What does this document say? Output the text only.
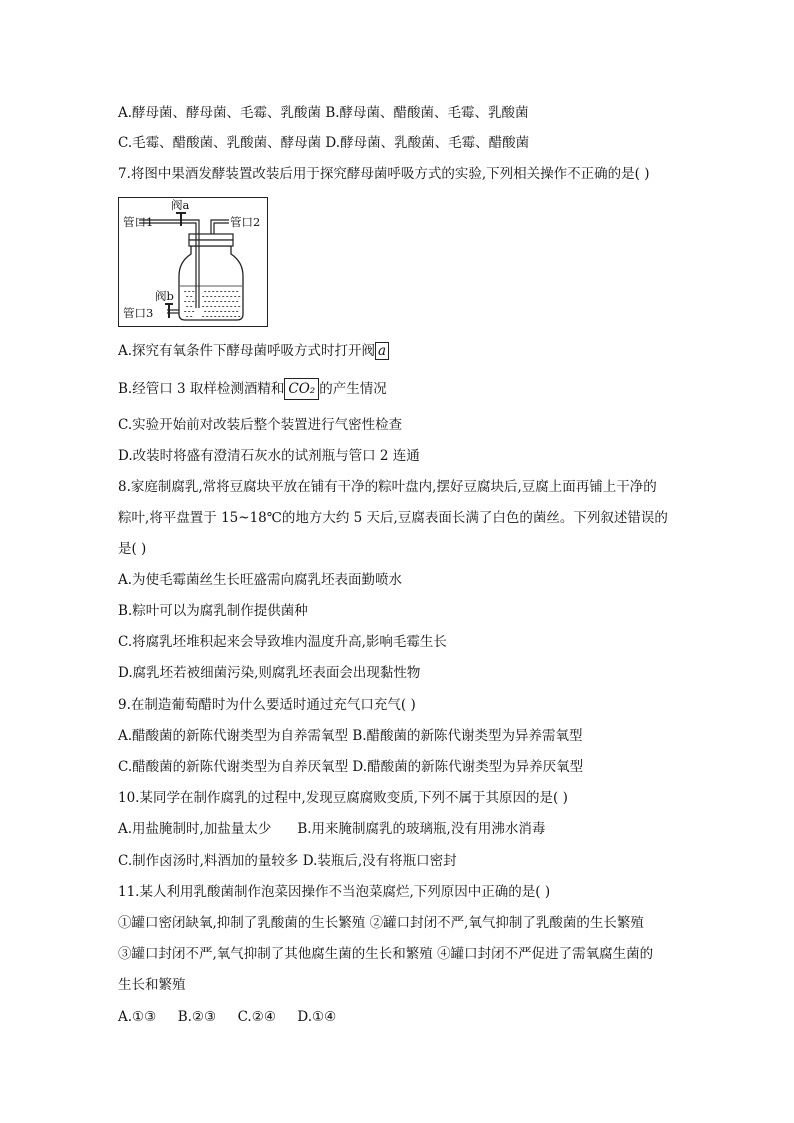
A.酵母菌、酵母菌、毛霉、乳酸菌 B.酵母菌、醋酸菌、毛霉、乳酸菌
C.毛霉、醋酸菌、乳酸菌、酵母菌 D.酵母菌、乳酸菌、毛霉、醋酸菌
7.将图中果酒发酵装置改装后用于探究酵母菌呼吸方式的实验,下列相关操作不正确的是( )
阀a
管口1	管口2
阀b
管口3
A.探究有氧条件下酵母菌呼吸方式时打开阀 a
B.经管口 3 取样检测酒精和 CO₂ 的产生情况
C.实验开始前对改装后整个装置进行气密性检查
D.改装时将盛有澄清石灰水的试剂瓶与管口 2 连通
8.家庭制腐乳,常将豆腐块平放在铺有干净的粽叶盘内,摆好豆腐块后,豆腐上面再铺上干净的
粽叶,将平盘置于 15~18℃的地方大约 5 天后,豆腐表面长满了白色的菌丝。下列叙述错误的
是( )
A.为使毛霉菌丝生长旺盛需向腐乳坯表面勤喷水
B.粽叶可以为腐乳制作提供菌种
C.将腐乳坯堆积起来会导致堆内温度升高,影响毛霉生长
D.腐乳坯若被细菌污染,则腐乳坯表面会出现黏性物
9.在制造葡萄醋时为什么要适时通过充气口充气( )
A.醋酸菌的新陈代谢类型为自养需氧型 B.醋酸菌的新陈代谢类型为异养需氧型
C.醋酸菌的新陈代谢类型为自养厌氧型 D.醋酸菌的新陈代谢类型为异养厌氧型
10.某同学在制作腐乳的过程中,发现豆腐腐败变质,下列不属于其原因的是( )
A.用盐腌制时,加盐量太少 B.用来腌制腐乳的玻璃瓶,没有用沸水消毒
C.制作卤汤时,料酒加的量较多 D.装瓶后,没有将瓶口密封
11.某人利用乳酸菌制作泡菜因操作不当泡菜腐烂,下列原因中正确的是( )
①罐口密闭缺氧,抑制了乳酸菌的生长繁殖 ②罐口封闭不严,氧气抑制了乳酸菌的生长繁殖
③罐口封闭不严,氧气抑制了其他腐生菌的生长和繁殖 ④罐口封闭不严促进了需氧腐生菌的
生长和繁殖
A.①③     B.②③     C.②④     D.①④
